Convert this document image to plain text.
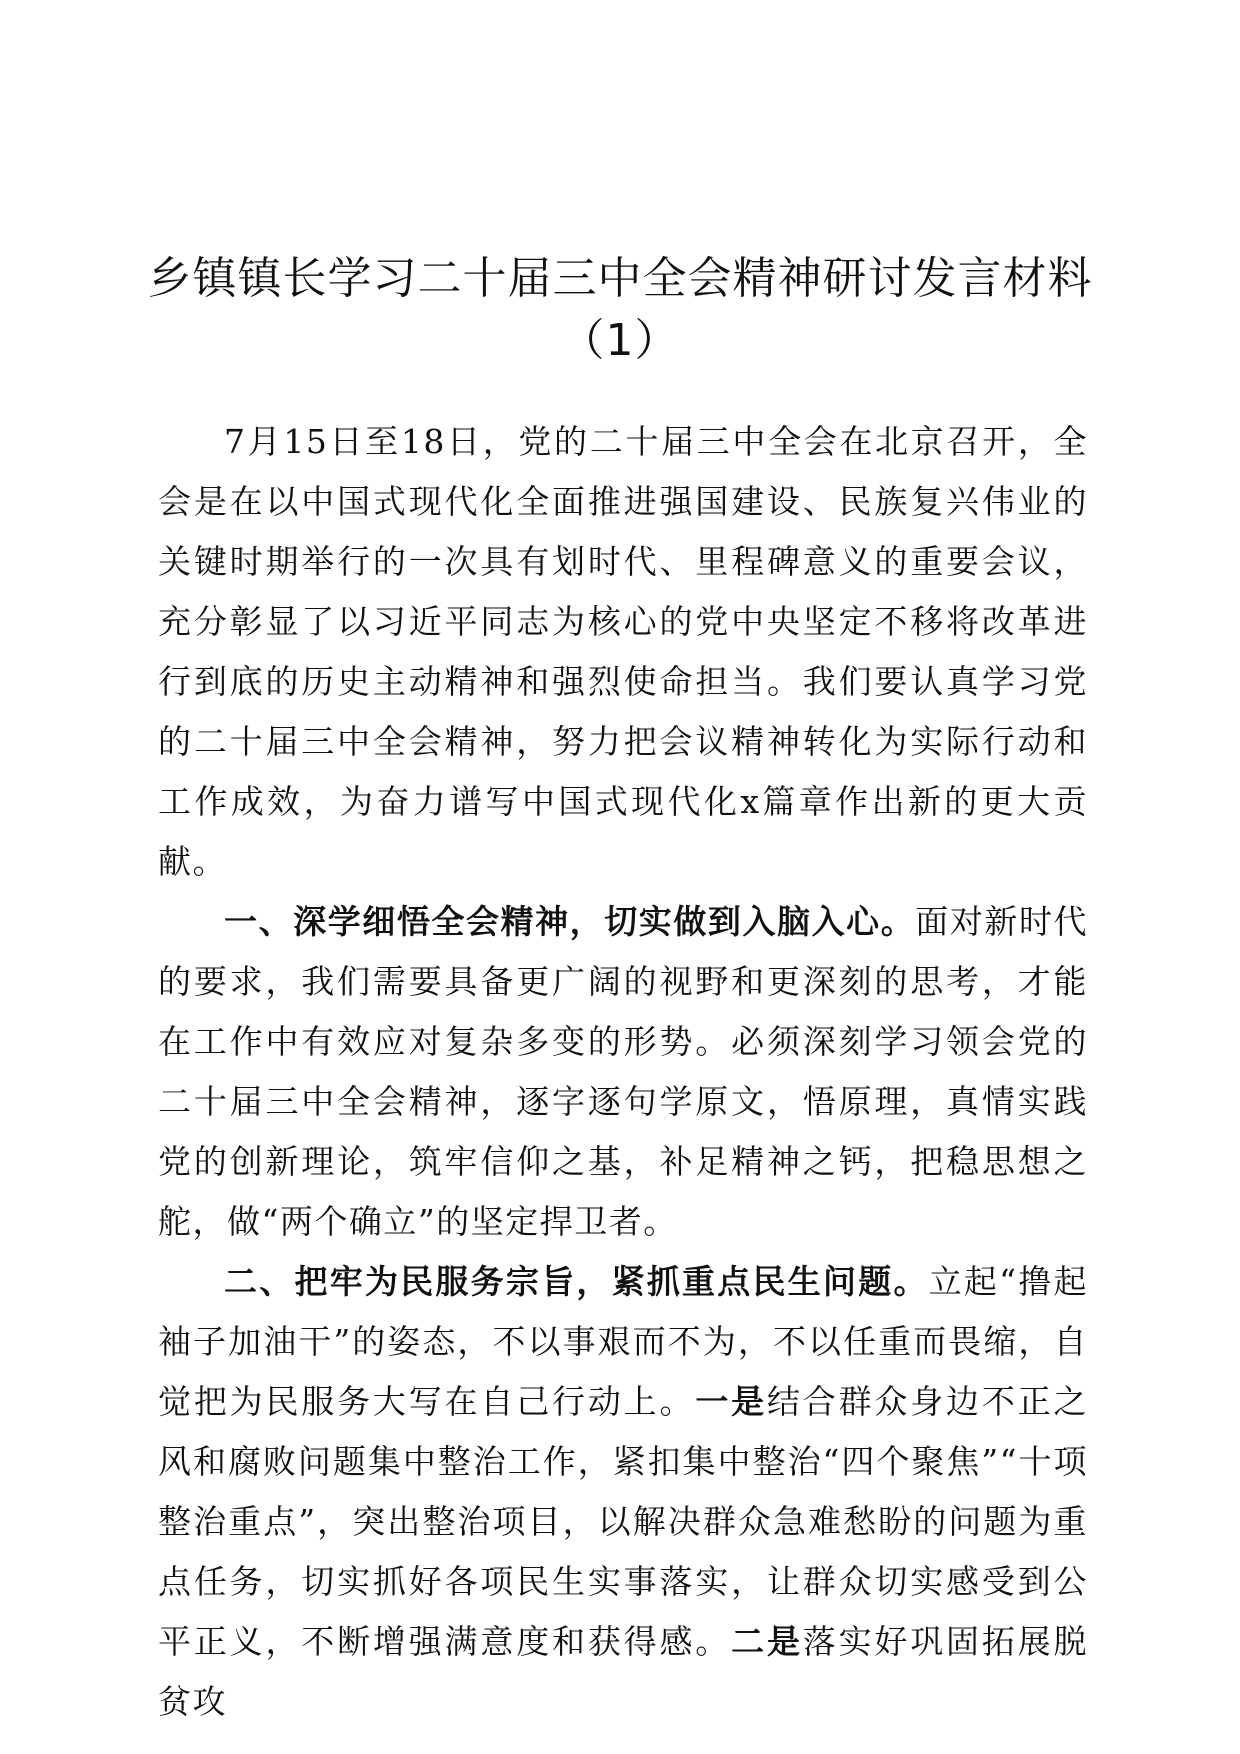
乡镇镇长学习二十届三中全会精神研讨发言材料（1）

7月15日至18日，党的二十届三中全会在北京召开，全会是在以中国式现代化全面推进强国建设、民族复兴伟业的关键时期举行的一次具有划时代、里程碑意义的重要会议，充分彰显了以习近平同志为核心的党中央坚定不移将改革进行到底的历史主动精神和强烈使命担当。我们要认真学习党的二十届三中全会精神，努力把会议精神转化为实际行动和工作成效，为奋力谱写中国式现代化x篇章作出新的更大贡献。

一、深学细悟全会精神，切实做到入脑入心。面对新时代的要求，我们需要具备更广阔的视野和更深刻的思考，才能在工作中有效应对复杂多变的形势。必须深刻学习领会党的二十届三中全会精神，逐字逐句学原文，悟原理，真情实践党的创新理论，筑牢信仰之基，补足精神之钙，把稳思想之舵，做“两个确立”的坚定捍卫者。

二、把牢为民服务宗旨，紧抓重点民生问题。立起“撸起袖子加油干”的姿态，不以事艰而不为，不以任重而畏缩，自觉把为民服务大写在自己行动上。一是结合群众身边不正之风和腐败问题集中整治工作，紧扣集中整治“四个聚焦”“十项整治重点”，突出整治项目，以解决群众急难愁盼的问题为重点任务，切实抓好各项民生实事落实，让群众切实感受到公平正义，不断增强满意度和获得感。二是落实好巩固拓展脱贫攻
